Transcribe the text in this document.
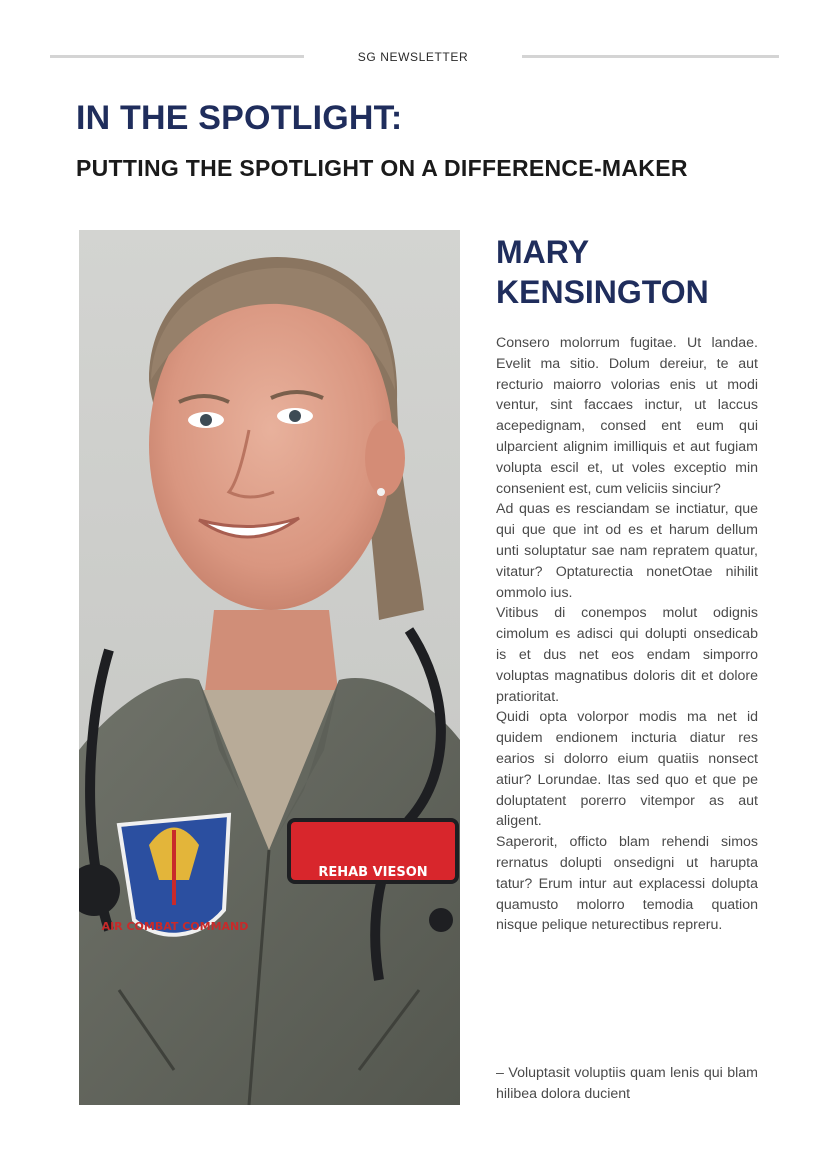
SG NEWSLETTER
IN THE SPOTLIGHT:
PUTTING THE SPOTLIGHT ON A DIFFERENCE-MAKER
AIR COMBAT COMMAND
REHAB VIESON
MARY
KENSINGTON

Consero molorrum fugitae. Ut landae. Evelit ma sitio. Dolum dereiur, te aut recturio maiorro volorias enis ut modi ventur, sint faccaes inctur, ut laccus acepedignam, consed ent eum qui ulparcient alignim imilliquis et aut fugiam volupta escil et, ut voles exceptio min consenient est, cum veliciis sinciur?

Ad quas es resciandam se inctiatur, que qui que que int od es et harum dellum unti soluptatur sae nam repratem quatur, vitatur? Optaturectia nonetOtae nihilit ommolo ius.

Vitibus di conempos molut odignis cimolum es adisci qui dolupti onsedicab is et dus net eos endam simporro voluptas magnatibus doloris dit et dolore pratioritat.

Quidi opta volorpor modis ma net id quidem endionem incturia diatur res earios si dolorro eium quatiis nonsect atiur? Lorundae. Itas sed quo et que pe doluptatent porerro vitempor as aut aligent.

Saperorit, officto blam rehendi simos rernatus dolupti onsedigni ut harupta tatur? Erum intur aut explacessi dolupta quamusto molorro temodia quation nisque pelique neturectibus repreru.

– Voluptasit voluptiis quam lenis qui blam hilibea dolora ducient
